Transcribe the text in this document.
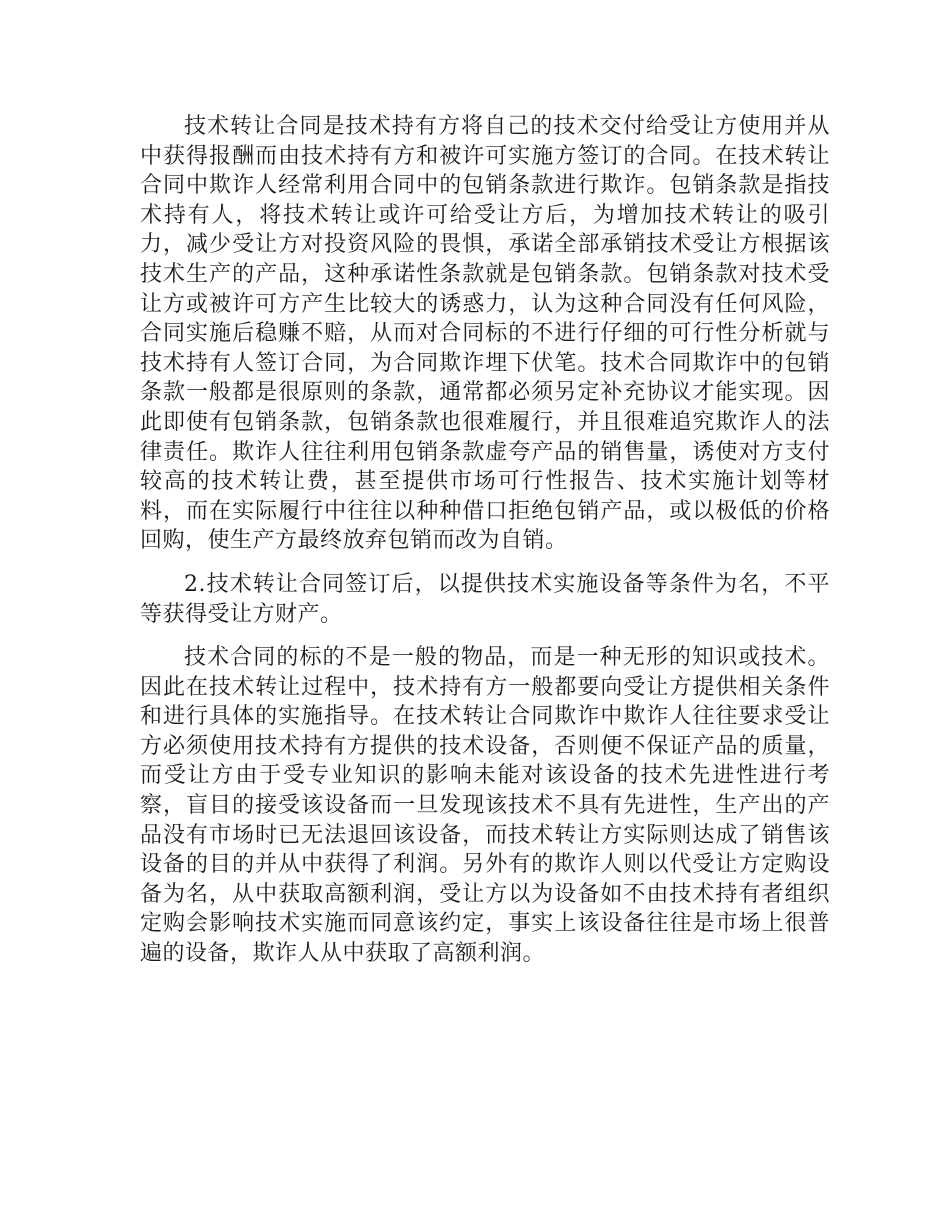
技术转让合同是技术持有方将自己的技术交付给受让方使用并从中获得报酬而由技术持有方和被许可实施方签订的合同。在技术转让合同中欺诈人经常利用合同中的包销条款进行欺诈。包销条款是指技术持有人，将技术转让或许可给受让方后，为增加技术转让的吸引力，减少受让方对投资风险的畏惧，承诺全部承销技术受让方根据该技术生产的产品，这种承诺性条款就是包销条款。包销条款对技术受让方或被许可方产生比较大的诱惑力，认为这种合同没有任何风险，合同实施后稳赚不赔，从而对合同标的不进行仔细的可行性分析就与技术持有人签订合同，为合同欺诈埋下伏笔。技术合同欺诈中的包销条款一般都是很原则的条款，通常都必须另定补充协议才能实现。因此即使有包销条款，包销条款也很难履行，并且很难追究欺诈人的法律责任。欺诈人往往利用包销条款虚夸产品的销售量，诱使对方支付较高的技术转让费，甚至提供市场可行性报告、技术实施计划等材料，而在实际履行中往往以种种借口拒绝包销产品，或以极低的价格回购，使生产方最终放弃包销而改为自销。

2.技术转让合同签订后，以提供技术实施设备等条件为名，不平等获得受让方财产。

技术合同的标的不是一般的物品，而是一种无形的知识或技术。因此在技术转让过程中，技术持有方一般都要向受让方提供相关条件和进行具体的实施指导。在技术转让合同欺诈中欺诈人往往要求受让方必须使用技术持有方提供的技术设备，否则便不保证产品的质量，而受让方由于受专业知识的影响未能对该设备的技术先进性进行考察，盲目的接受该设备而一旦发现该技术不具有先进性，生产出的产品没有市场时已无法退回该设备，而技术转让方实际则达成了销售该设备的目的并从中获得了利润。另外有的欺诈人则以代受让方定购设备为名，从中获取高额利润，受让方以为设备如不由技术持有者组织定购会影响技术实施而同意该约定，事实上该设备往往是市场上很普遍的设备，欺诈人从中获取了高额利润。
